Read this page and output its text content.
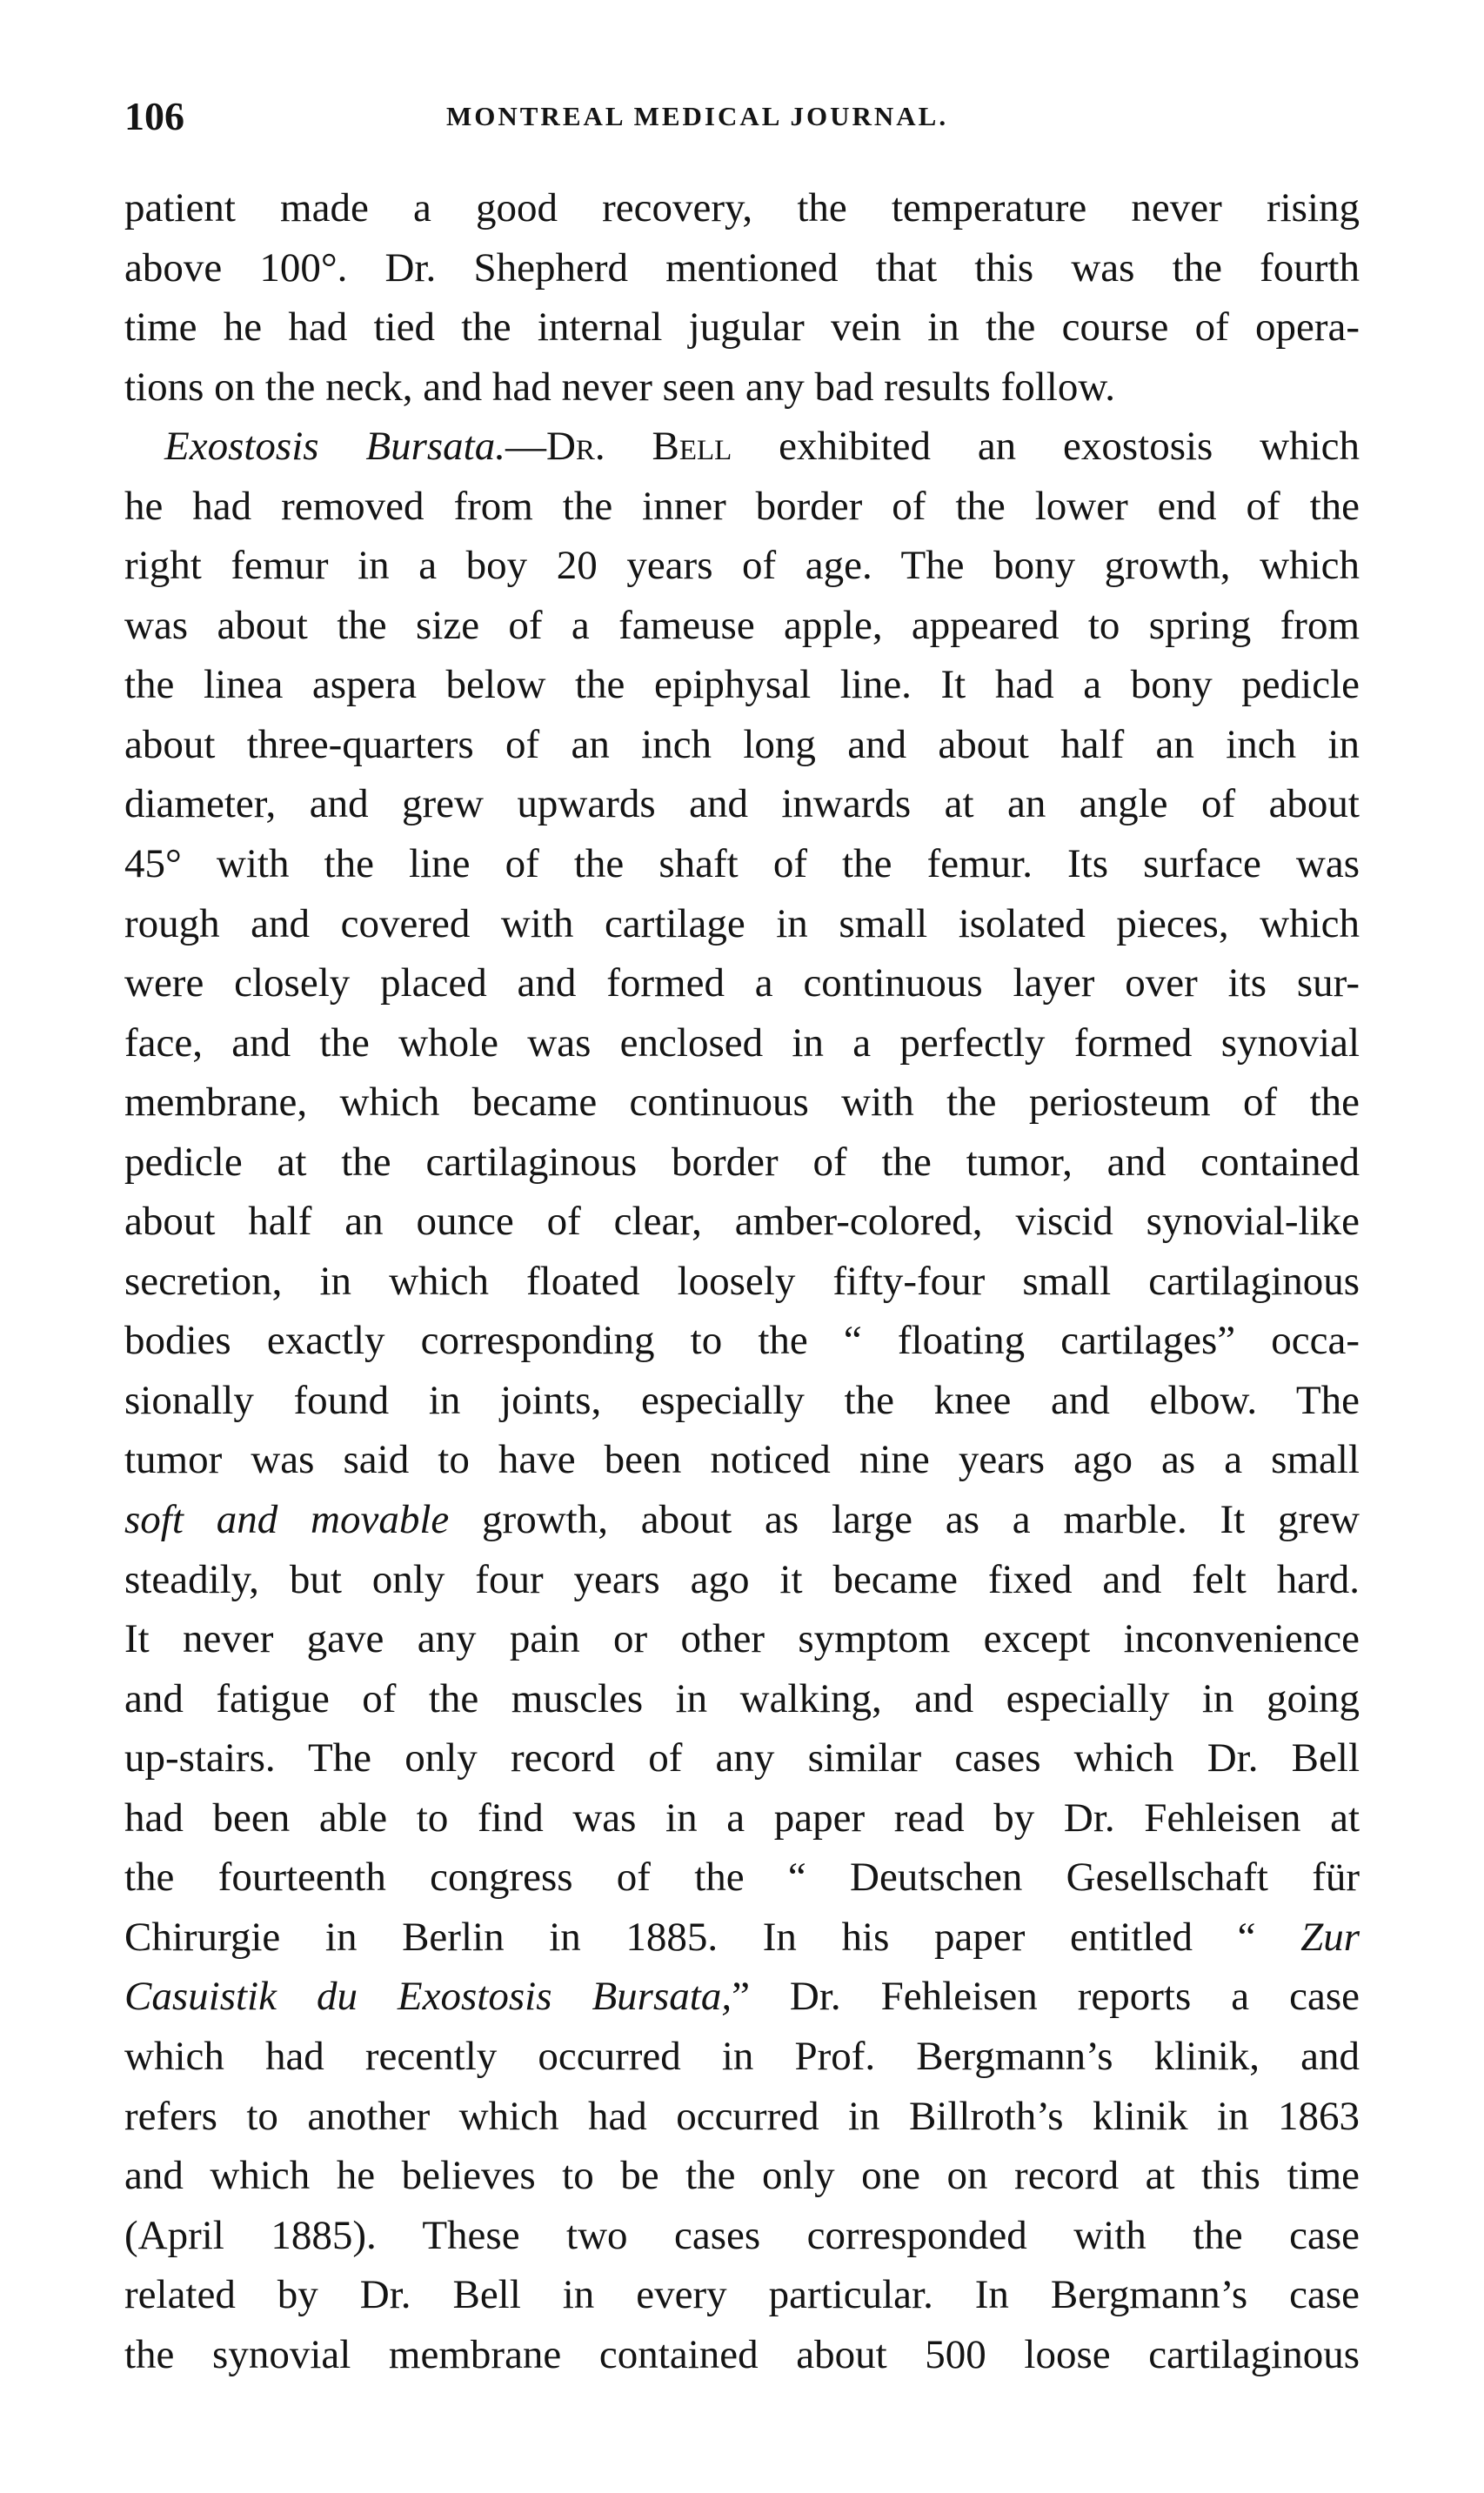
106	MONTREAL MEDICAL JOURNAL.
patient made a good recovery, the temperature never rising
above 100°. Dr. Shepherd mentioned that this was the fourth
time he had tied the internal jugular vein in the course of opera-
tions on the neck, and had never seen any bad results follow.
Exostosis Bursata.—Dr. Bell exhibited an exostosis which
he had removed from the inner border of the lower end of the
right femur in a boy 20 years of age. The bony growth, which
was about the size of a fameuse apple, appeared to spring from
the linea aspera below the epiphysal line. It had a bony pedicle
about three-quarters of an inch long and about half an inch in
diameter, and grew upwards and inwards at an angle of about
45° with the line of the shaft of the femur. Its surface was
rough and covered with cartilage in small isolated pieces, which
were closely placed and formed a continuous layer over its sur-
face, and the whole was enclosed in a perfectly formed synovial
membrane, which became continuous with the periosteum of the
pedicle at the cartilaginous border of the tumor, and contained
about half an ounce of clear, amber-colored, viscid synovial-like
secretion, in which floated loosely fifty-four small cartilaginous
bodies exactly corresponding to the “ floating cartilages” occa-
sionally found in joints, especially the knee and elbow. The
tumor was said to have been noticed nine years ago as a small
soft and movable growth, about as large as a marble. It grew
steadily, but only four years ago it became fixed and felt hard.
It never gave any pain or other symptom except inconvenience
and fatigue of the muscles in walking, and especially in going
up-stairs. The only record of any similar cases which Dr. Bell
had been able to find was in a paper read by Dr. Fehleisen at
the fourteenth congress of the “ Deutschen Gesellschaft für
Chirurgie in Berlin in 1885. In his paper entitled “ Zur
Casuistik du Exostosis Bursata,” Dr. Fehleisen reports a case
which had recently occurred in Prof. Bergmann’s klinik, and
refers to another which had occurred in Billroth’s klinik in 1863
and which he believes to be the only one on record at this time
(April 1885). These two cases corresponded with the case
related by Dr. Bell in every particular. In Bergmann’s case
the synovial membrane contained about 500 loose cartilaginous
